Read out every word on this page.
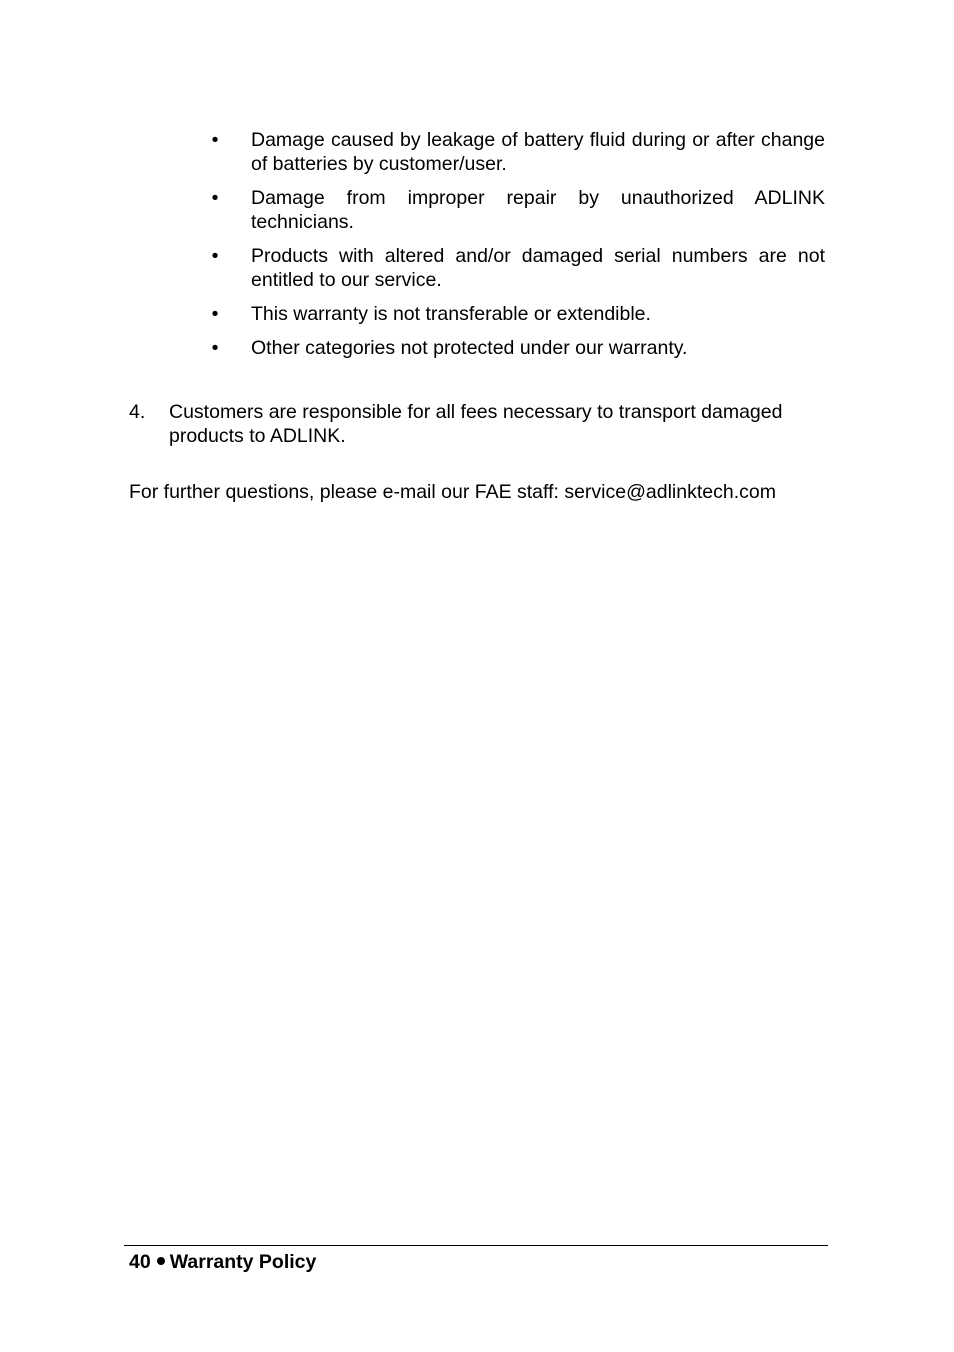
• Damage caused by leakage of battery fluid during or after change of batteries by customer/user.
• Damage from improper repair by unauthorized ADLINK technicians.
• Products with altered and/or damaged serial numbers are not entitled to our service.
• This warranty is not transferable or extendible.
• Other categories not protected under our warranty.
4. Customers are responsible for all fees necessary to transport damaged products to ADLINK.
For further questions, please e-mail our FAE staff: service@adlinktech.com
40 Warranty Policy
